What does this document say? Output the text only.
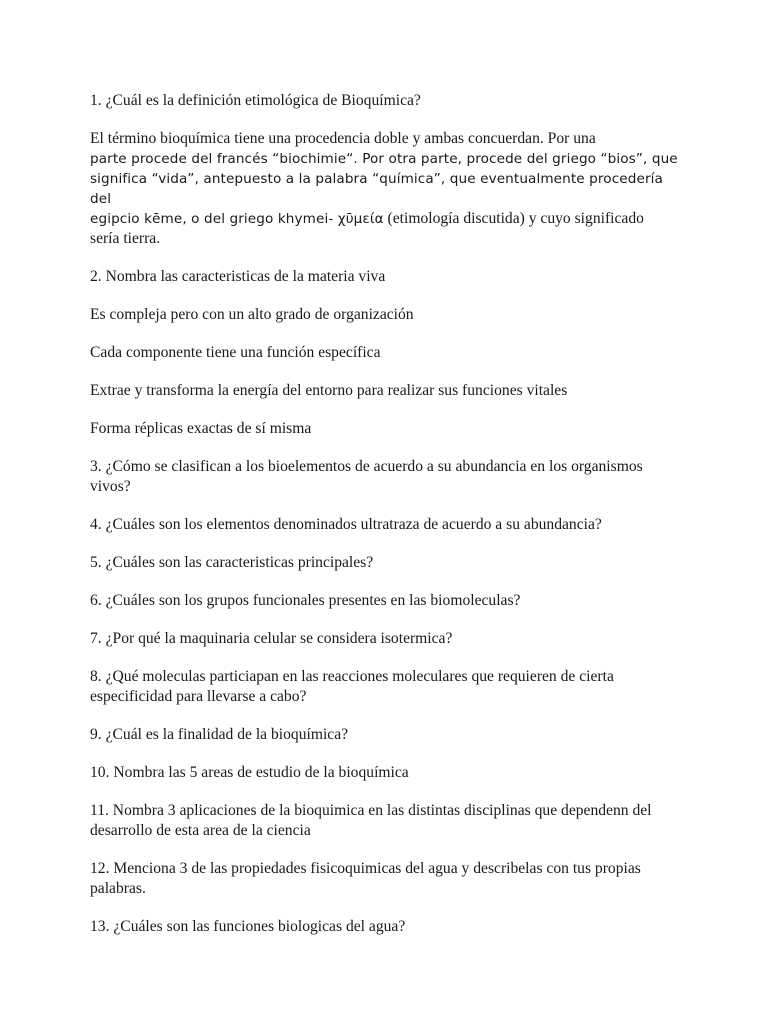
1. ¿Cuál es la definición etimológica de Bioquímica?

El término bioquímica tiene una procedencia doble y ambas concuerdan. Por una
parte procede del francés “biochimie“. Por otra parte, procede del griego “bios”, que
significa “vida”, antepuesto a la palabra “química”, que eventualmente procedería del
egipcio kēme, o del griego khymei- χῡμεία (etimología discutida) y cuyo significado
sería tierra.

2. Nombra las caracteristicas de la materia viva

Es compleja pero con un alto grado de organización

Cada componente tiene una función específica

Extrae y transforma la energía del entorno para realizar sus funciones vitales

Forma réplicas exactas de sí misma

3. ¿Cómo se clasifican a los bioelementos de acuerdo a su abundancia en los organismos vivos?

4. ¿Cuáles son los elementos denominados ultratraza de acuerdo a su abundancia?

5. ¿Cuáles son las caracteristicas principales?

6. ¿Cuáles son los grupos funcionales presentes en las biomoleculas?

7. ¿Por qué la maquinaria celular se considera isotermica?

8. ¿Qué moleculas particiapan en las reacciones moleculares que requieren de cierta especificidad para llevarse a cabo?

9. ¿Cuál es la finalidad de la bioquímica?

10. Nombra las 5 areas de estudio de la bioquímica

11. Nombra 3 aplicaciones de la bioquimica en las distintas disciplinas que dependenn del desarrollo de esta area de la ciencia

12. Menciona 3 de las propiedades fisicoquimicas del agua y describelas con tus propias palabras.

13. ¿Cuáles son las funciones biologicas del agua?
